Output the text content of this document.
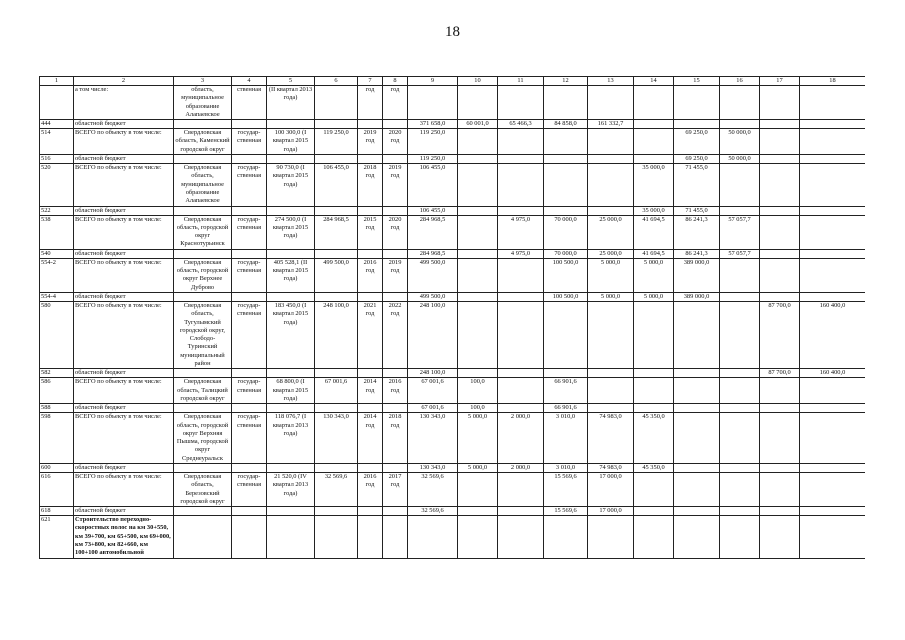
18
1	2	3	4	5	6	7	8	9	10	11	12	13	14	15	16	17	18
	а том числе:	область, муниципальное образование Алапаевское	ственная	(II квартал 2013 года)		год	год										
444	областной бюджет							371 658,0	60 001,0	65 466,3	84 858,0	161 332,7					
514	ВСЕГО по объекту в том числе:	Свердловская область, Каменский городской округ	государ- ственная	100 300,0 (I квартал 2015 года)	119 250,0	2019 год	2020 год	119 250,0						69 250,0	50 000,0		
516	областной бюджет							119 250,0						69 250,0	50 000,0		
520	ВСЕГО по объекту в том числе:	Свердловская область, муниципальное образование Алапаевское	государ- ственная	90 730,0 (I квартал 2015 года)	106 455,0	2018 год	2019 год	106 455,0					35 000,0	71 455,0			
522	областной бюджет							106 455,0					35 000,0	71 455,0			
538	ВСЕГО по объекту в том числе:	Свердловская область, городской округ Краснотурьинск	государ- ственная	274 500,0 (I квартал 2015 года)	284 968,5	2015 год	2020 год	284 968,5		4 975,0	70 000,0	25 000,0	41 694,5	86 241,3	57 057,7		
540	областной бюджет							284 968,5		4 975,0	70 000,0	25 000,0	41 694,5	86 241,3	57 057,7		
554-2	ВСЕГО по объекту в том числе:	Свердловская область, городской округ Верхнее Дуброво	государ- ственная	405 528,1 (II квартал 2015 года)	499 500,0	2016 год	2019 год	499 500,0			100 500,0	5 000,0	5 000,0	389 000,0			
554-4	областной бюджет							499 500,0			100 500,0	5 000,0	5 000,0	389 000,0			
580	ВСЕГО по объекту в том числе:	Свердловская область, Тугулымский городской округ, Слободо-Туринский муниципальный район	государ- ственная	183 450,0 (I квартал 2015 года)	248 100,0	2021 год	2022 год	248 100,0								87 700,0	160 400,0
582	областной бюджет							248 100,0								87 700,0	160 400,0
586	ВСЕГО по объекту в том числе:	Свердловская область, Талицкий городской округ	государ- ственная	68 800,0 (I квартал 2015 года)	67 001,6	2014 год	2016 год	67 001,6	100,0		66 901,6						
588	областной бюджет							67 001,6	100,0		66 901,6						
598	ВСЕГО по объекту в том числе:	Свердловская область, городской округ Верхняя Пышма, городской округ Среднеуральск	государ- ственная	118 076,7 (I квартал 2013 года)	130 343,0	2014 год	2018 год	130 343,0	5 000,0	2 000,0	3 010,0	74 983,0	45 350,0				
600	областной бюджет							130 343,0	5 000,0	2 000,0	3 010,0	74 983,0	45 350,0				
616	ВСЕГО по объекту в том числе:	Свердловская область, Березовский городской округ	государ- ственная	21 520,0 (IV квартал 2013 года)	32 569,6	2016 год	2017 год	32 569,6			15 569,6	17 000,0					
618	областной бюджет							32 569,6			15 569,6	17 000,0					
621	Строительство переходно-скоростных полос на км 30+550, км 39+700, км 65+500, км 69+000, км 73+800, км 82+660, км 100+100 автомобильной																
